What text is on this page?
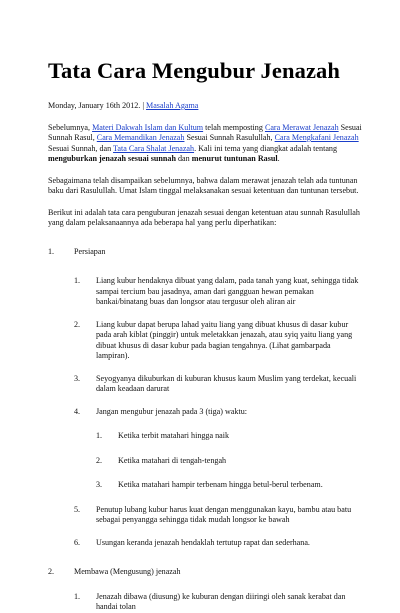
Tata Cara Mengubur Jenazah
Monday, January 16th 2012. | Masalah Agama

Sebelumnya, Materi Dakwah Islam dan Kultum telah memposting Cara Merawat Jenazah Sesuai Sunnah Rasul, Cara Memandikan Jenazah Sesuai Sunnah Rasulullah, Cara Mengkafani Jenazah Sesuai Sunnah, dan Tata Cara Shalat Jenazah. Kali ini tema yang diangkat adalah tentang menguburkan jenazah sesuai sunnah dan menurut tuntunan Rasul.

Sebagaimana telah disampaikan sebelumnya, bahwa dalam merawat jenazah telah ada tuntunan baku dari Rasulullah. Umat Islam tinggal melaksanakan sesuai ketentuan dan tuntunan tersebut.

Berikut ini adalah tata cara penguburan jenazah sesuai dengan ketentuan atau sunnah Rasulullah yang dalam pelaksanaannya ada beberapa hal yang perlu diperhatikan:

1. Persiapan
1. Liang kubur hendaknya dibuat yang dalam, pada tanah yang kuat, sehingga tidak sampai tercium bau jasadnya, aman dari gangguan hewan pemakan bankai/binatang buas dan longsor atau tergusur oleh aliran air
2. Liang kubur dapat berupa lahad yaitu liang yang dibuat khusus di dasar kubur pada arah kiblat (pinggir) untuk meletakkan jenazah, atau syiq yaitu liang yang dibuat khusus di dasar kubur pada bagian tengahnya. (Lihat gambarpada lampiran).
3. Seyogyanya dikuburkan di kuburan khusus kaum Muslim yang terdekat, kecuali dalam keadaan darurat
4. Jangan mengubur jenazah pada 3 (tiga) waktu:
1. Ketika terbit matahari hingga naik
2. Ketika matahari di tengah-tengah
3. Ketika matahari hampir terbenam hingga betul-berul terbenam.
5. Penutup lubang kubur harus kuat dengan menggunakan kayu, bambu atau batu sebagai penyangga sehingga tidak mudah longsor ke bawah
6. Usungan keranda jenazah hendaklah tertutup rapat dan sederhana.
2. Membawa (Mengusung) jenazah
1. Jenazah dibawa (diusung) ke kuburan dengan diiringi oleh sanak kerabat dan handai tolan
